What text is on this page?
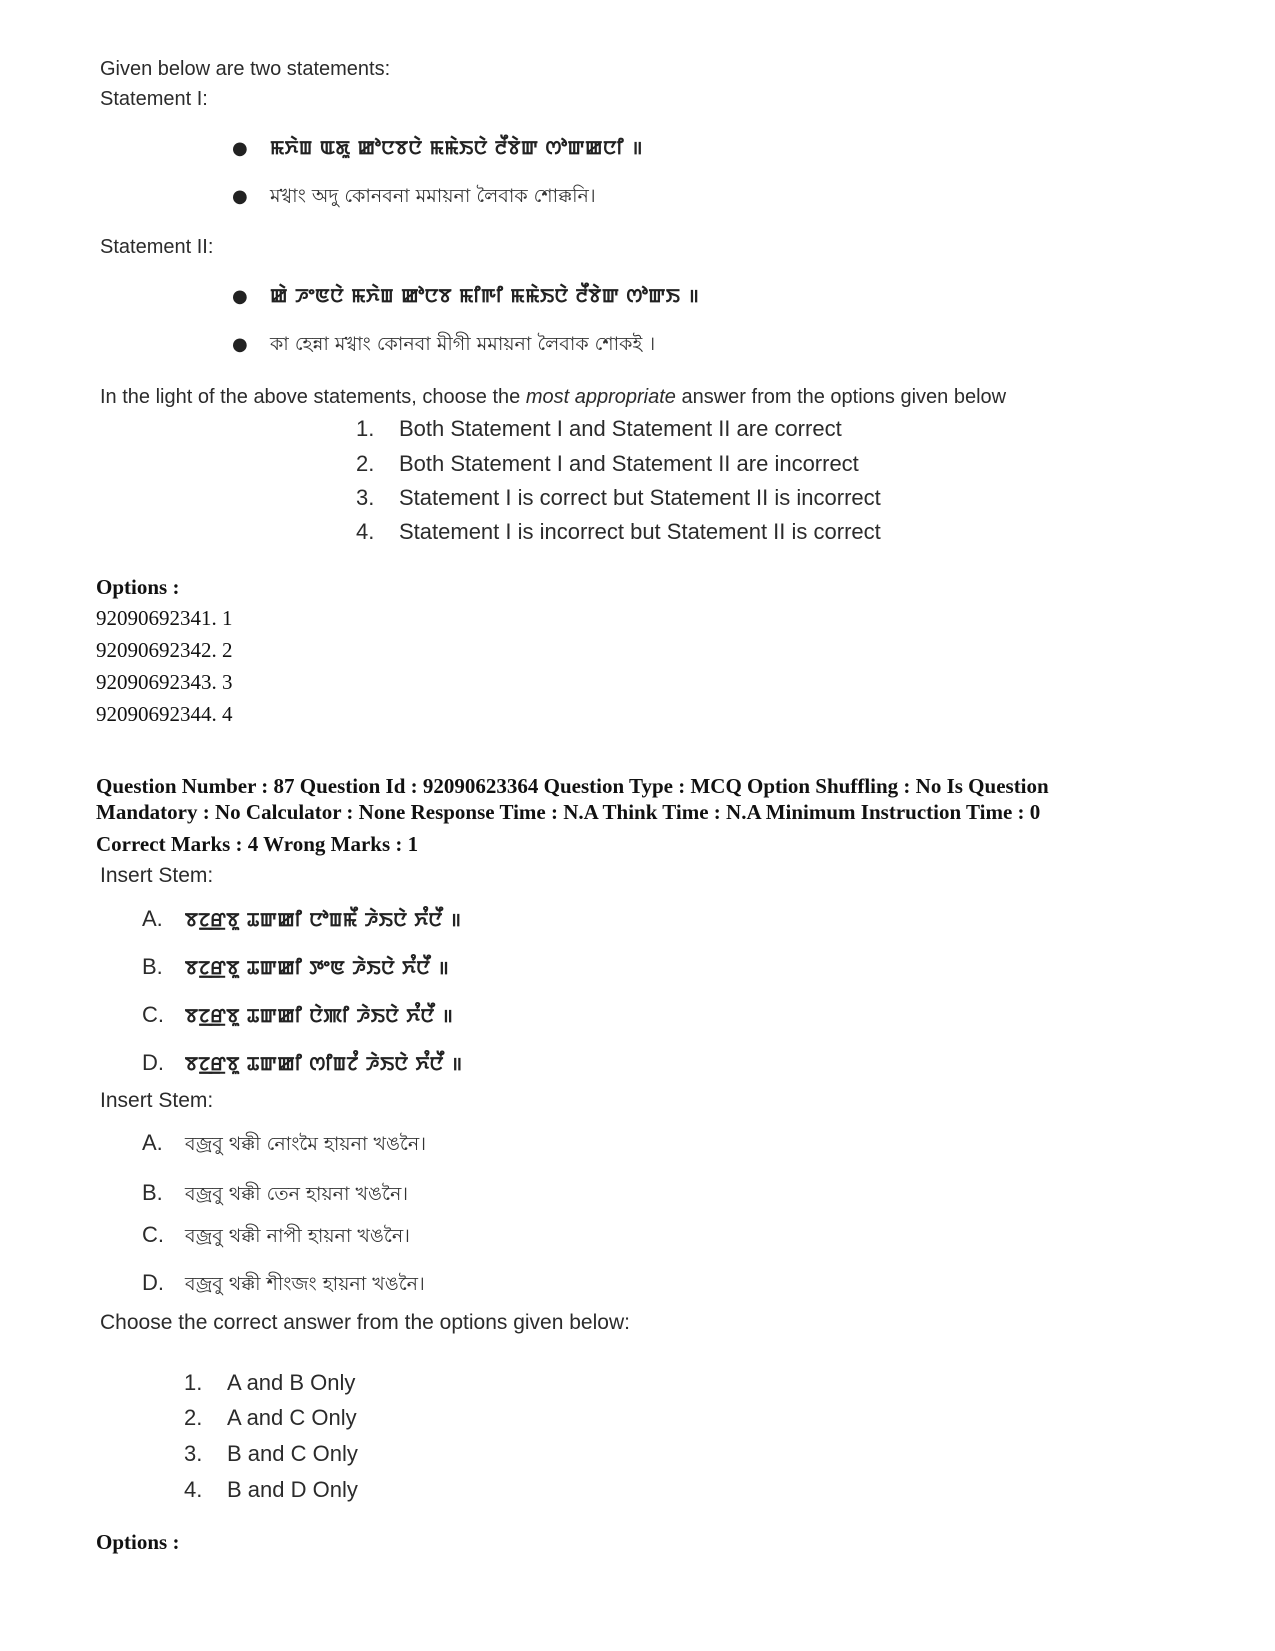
Given below are two statements:
Statement I:
● ꯃꯈꯥꯡ ꯑꯗꯨ ꯀꯣꯅꯕꯅꯥ ꯃꯃꯥꯏꯅꯥ ꯂꯩꯕꯥꯛ ꯁꯣꯛꯀꯅꯤ ॥
● মখ্বাং অদু কোনবনা মমায়না লৈবাক শোক্কনি।
Statement II:
● ꯀꯥ ꯍꯦꯟꯅꯥ ꯃꯈꯥꯡ ꯀꯣꯅꯕ ꯃꯤꯒꯤ ꯃꯃꯥꯏꯅꯥ ꯂꯩꯕꯥꯛ ꯁꯣꯛꯏ ॥
● কা হেন্না মখ্বাং কোনবা মীগী মমায়না লৈবাক শোকই ।
In the light of the above statements, choose the most appropriate answer from the options given below
1. Both Statement I and Statement II are correct
2. Both Statement I and Statement II are incorrect
3. Statement I is correct but Statement II is incorrect
4. Statement I is incorrect but Statement II is correct
Options :
92090692341. 1
92090692342. 2
92090692343. 3
92090692344. 4
Question Number : 87 Question Id : 92090623364 Question Type : MCQ Option Shuffling : No Is Question
Mandatory : No Calculator : None Response Time : N.A Think Time : N.A Minimum Instruction Time : 0
Correct Marks : 4 Wrong Marks : 1
Insert Stem:
A. ꯕꯖ꯭ꯔꯕꯨ ꯊꯛꯀꯤ ꯅꯣꯡꯃꯩ ꯍꯥꯏꯅꯥ ꯈꯪꯅꯩ ॥
B. ꯕꯖ꯭ꯔꯕꯨ ꯊꯛꯀꯤ ꯇꯦꯟ ꯍꯥꯏꯅꯥ ꯈꯪꯅꯩ ॥
C. ꯕꯖ꯭ꯔꯕꯨ ꯊꯛꯀꯤ ꯅꯥꯄꯤ ꯍꯥꯏꯅꯥ ꯈꯪꯅꯩ ॥
D. ꯕꯖ꯭ꯔꯕꯨ ꯊꯛꯀꯤ ꯁꯤꯡꯖꯪ ꯍꯥꯏꯅꯥ ꯈꯪꯅꯩ ॥
Insert Stem:
A. বজ্রবু থক্কী নোংমৈ হায়না খঙনৈ।
B. বজ্রবু থক্কী তেন হায়না খঙনৈ।
C. বজ্রবু থক্কী নাপী হায়না খঙনৈ।
D. বজ্রবু থক্কী শীংজং হায়না খঙনৈ।
Choose the correct answer from the options given below:
1. A and B Only
2. A and C Only
3. B and C Only
4. B and D Only
Options :
